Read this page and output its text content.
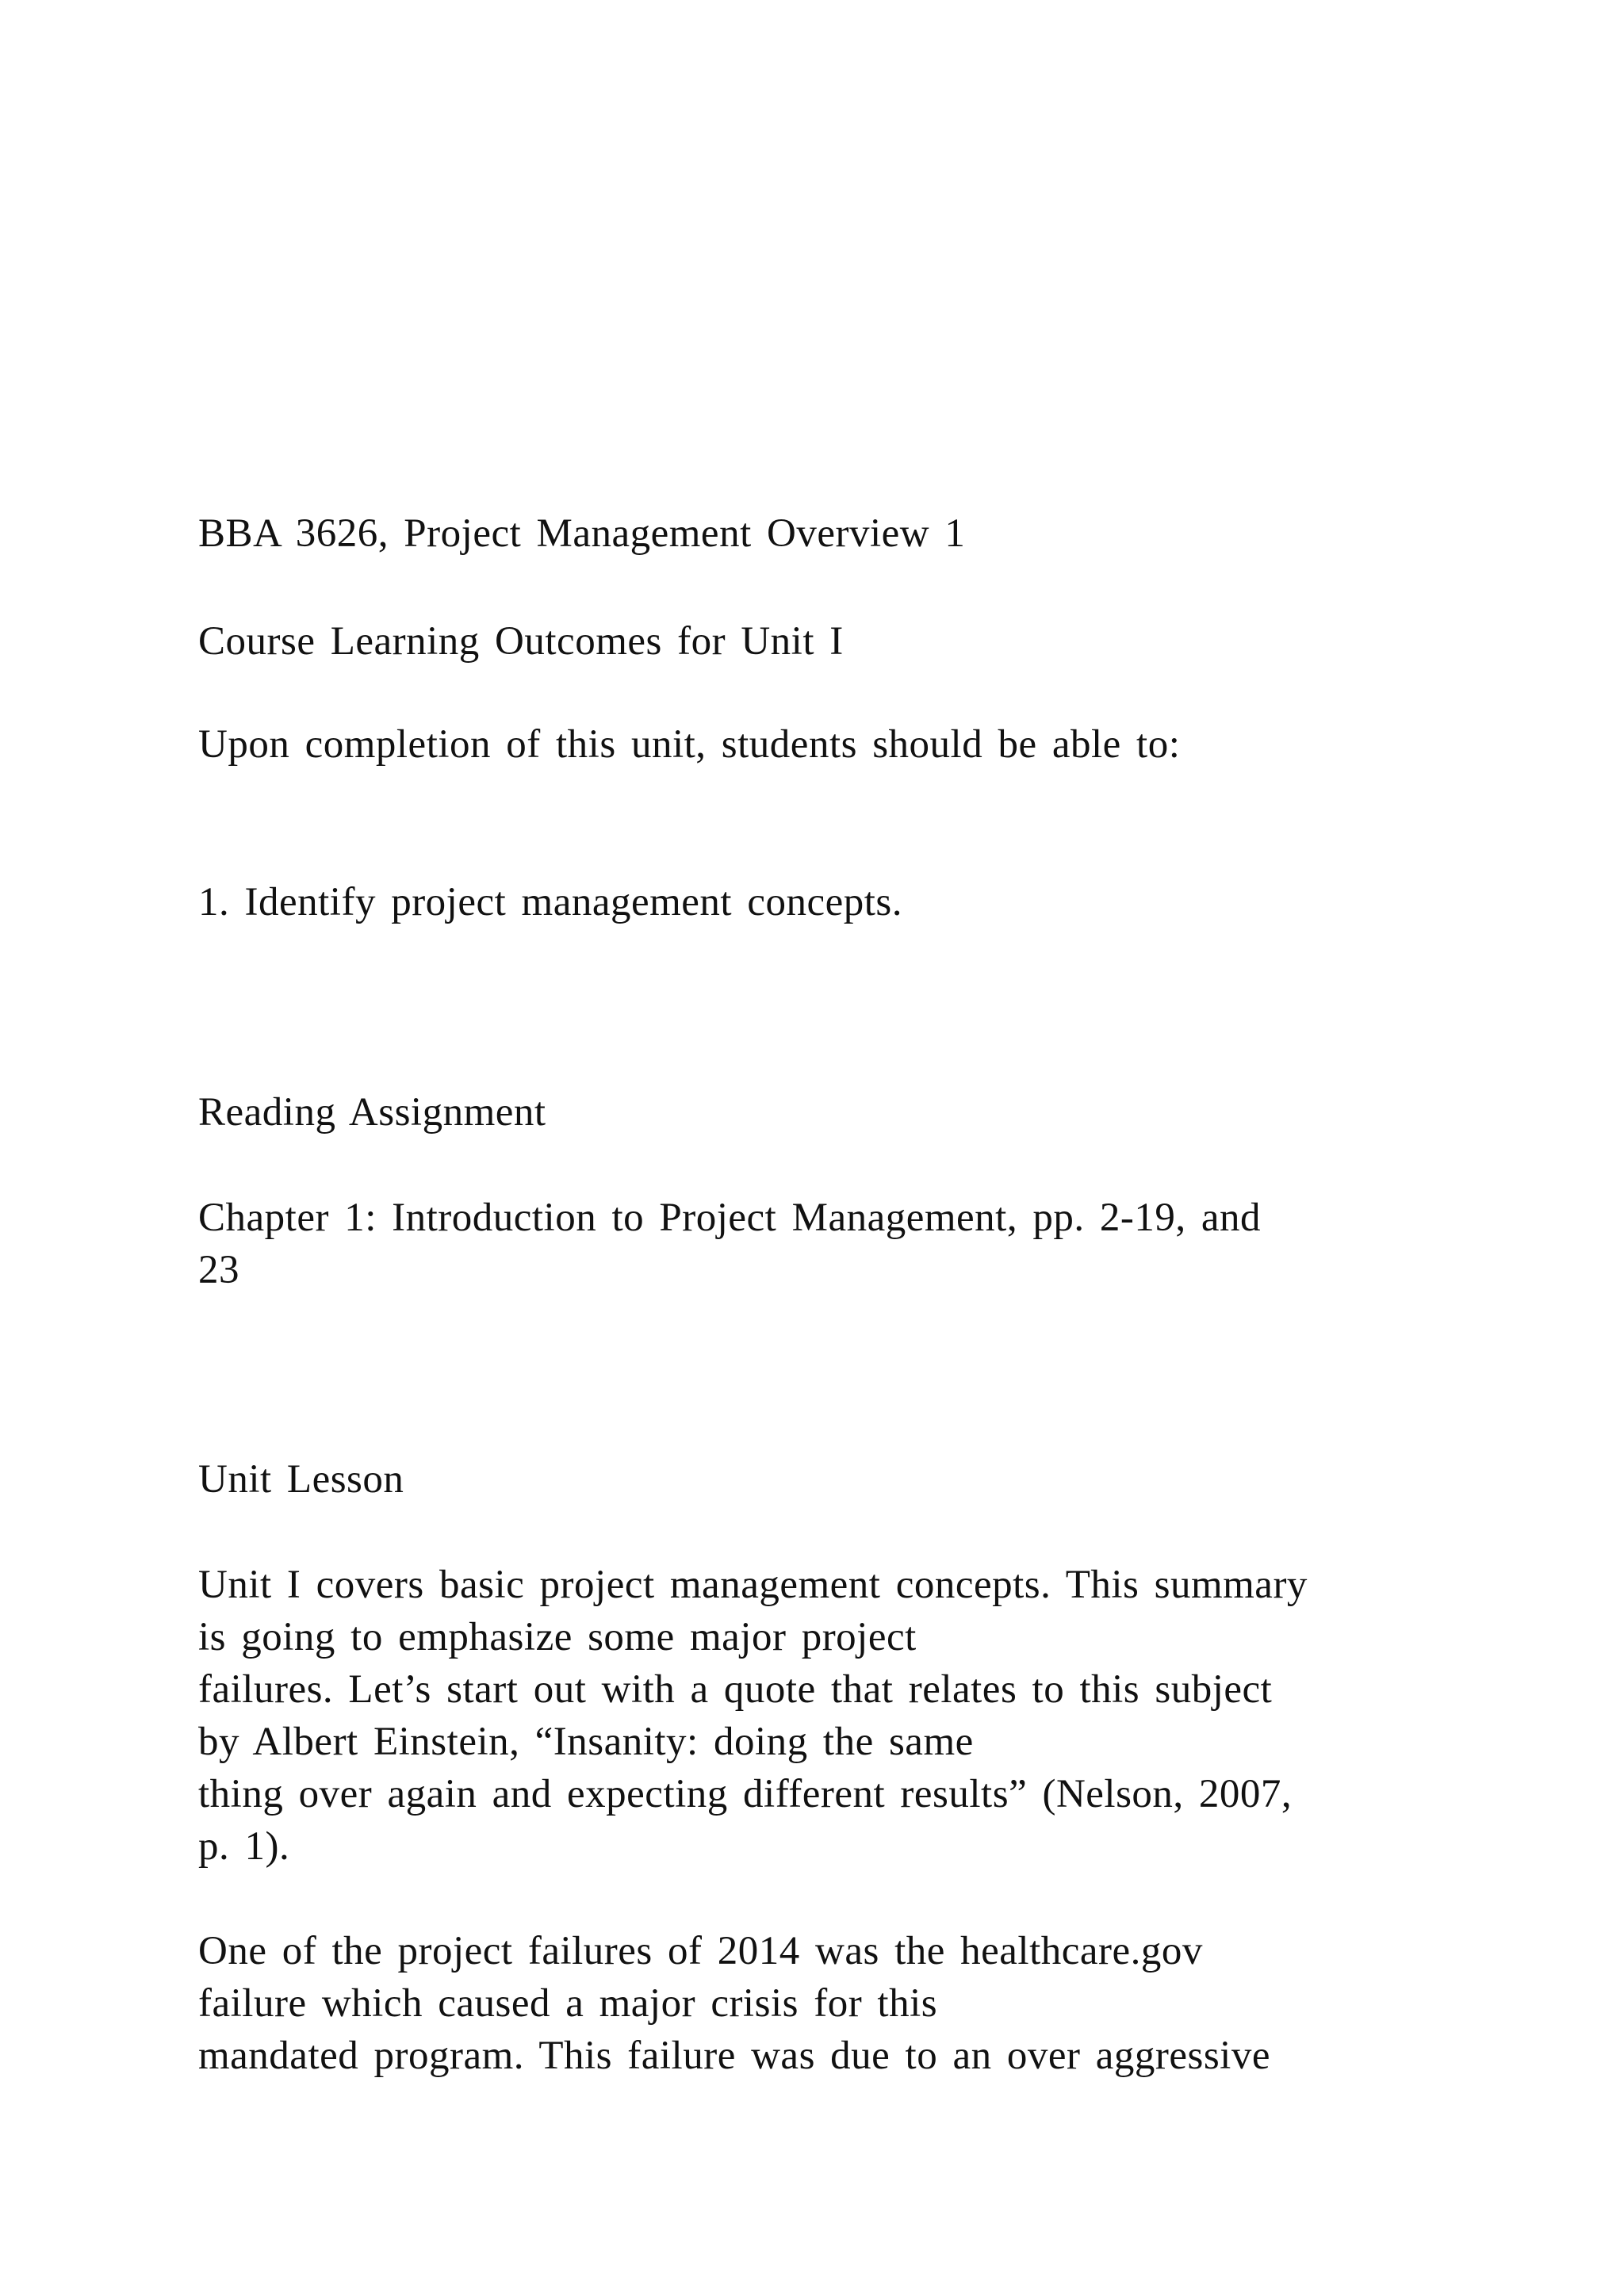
BBA 3626, Project Management Overview 1
Course Learning Outcomes for Unit I
Upon completion of this unit, students should be able to:
1. Identify project management concepts.
Reading Assignment
Chapter 1: Introduction to Project Management, pp. 2-19, and
23
Unit Lesson
Unit I covers basic project management concepts. This summary
is going to emphasize some major project
failures. Let’s start out with a quote that relates to this subject
by Albert Einstein, “Insanity: doing the same
thing over again and expecting different results” (Nelson, 2007,
p. 1).
One of the project failures of 2014 was the healthcare.gov
failure which caused a major crisis for this
mandated program. This failure was due to an over aggressive
